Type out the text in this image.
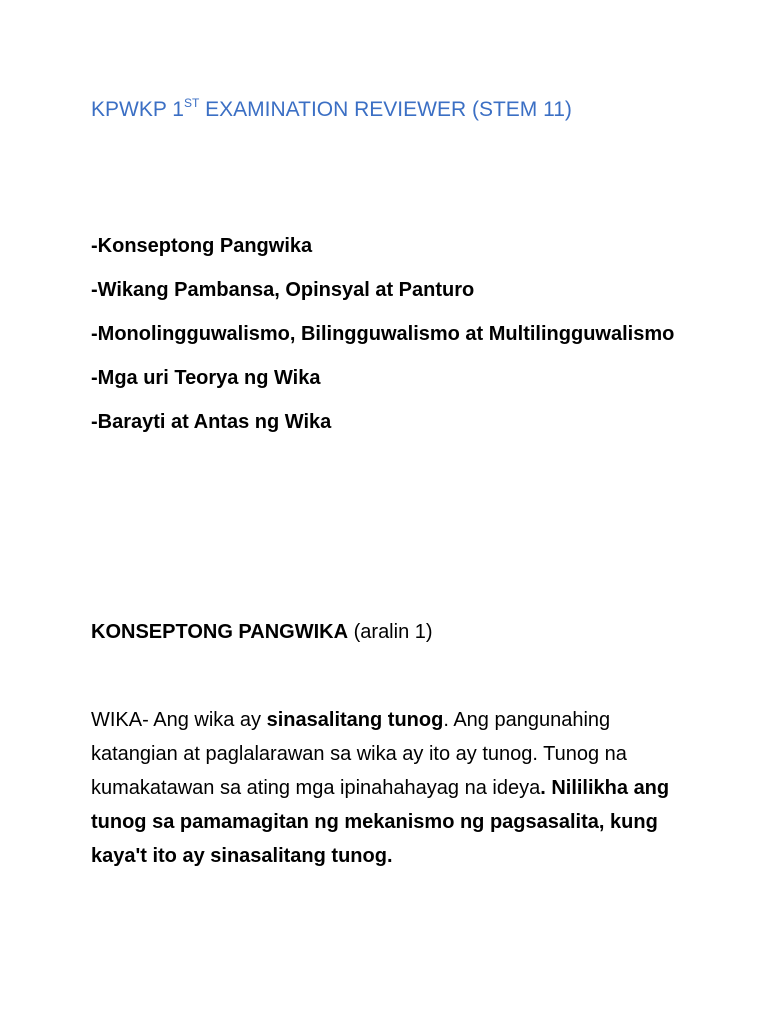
KPWKP 1ST EXAMINATION REVIEWER (STEM 11)
-Konseptong Pangwika
-Wikang Pambansa, Opinsyal at Panturo
-Monolingguwalismo, Bilingguwalismo at Multilingguwalismo
-Mga uri Teorya ng Wika
-Barayti at Antas ng Wika
KONSEPTONG PANGWIKA (aralin 1)

WIKA- Ang wika ay sinasalitang tunog. Ang pangunahing katangian at paglalarawan sa wika ay ito ay tunog. Tunog na kumakatawan sa ating mga ipinahahayag na ideya. Nililikha ang tunog sa pamamagitan ng mekanismo ng pagsasalita, kung kaya't ito ay sinasalitang tunog.
